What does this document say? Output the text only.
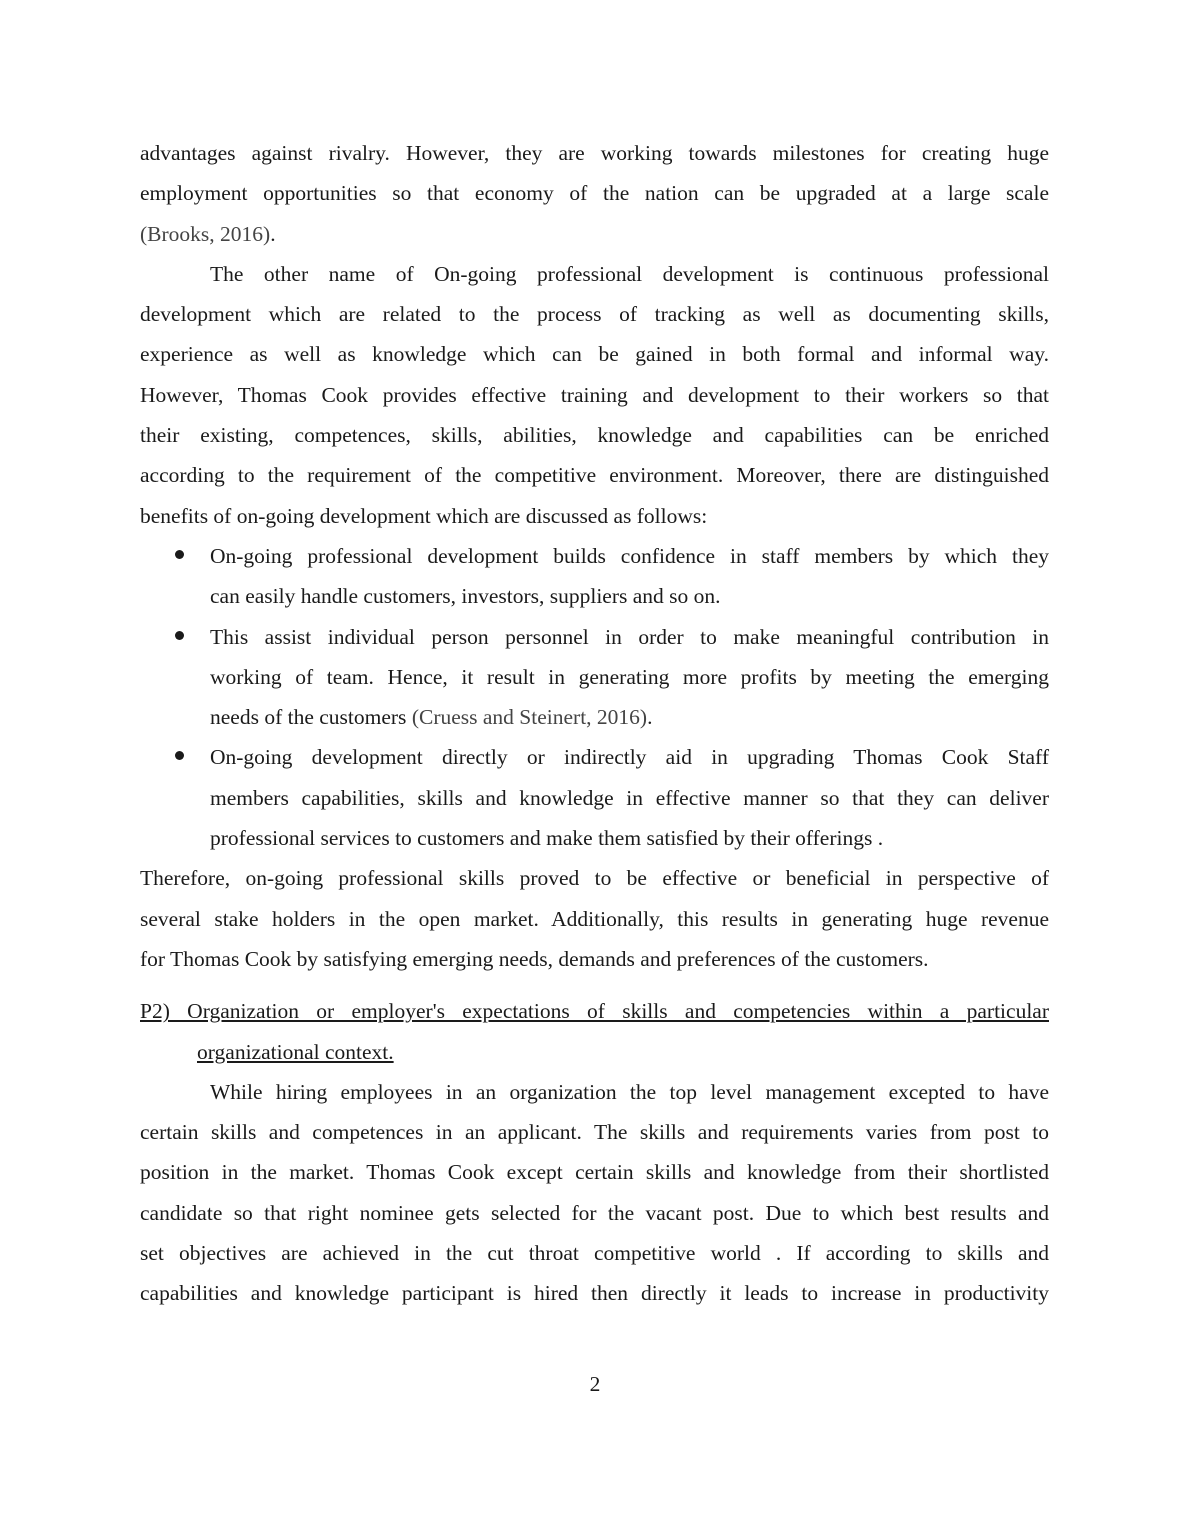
advantages against rivalry. However, they are working towards milestones for creating huge
employment opportunities so that economy of the nation can be upgraded at a large scale
(Brooks, 2016).

The other name of On-going professional development is continuous professional
development which are related to the process of tracking as well as documenting skills,
experience as well as knowledge which can be gained in both formal and informal way.
However, Thomas Cook provides effective training and development to their workers so that
their existing, competences, skills, abilities, knowledge and capabilities can be enriched
according to the requirement of the competitive environment. Moreover, there are distinguished
benefits of on-going development which are discussed as follows:

On-going professional development builds confidence in staff members by which they
can easily handle customers, investors, suppliers and so on.
This assist individual person personnel in order to make meaningful contribution in
working of team. Hence, it result in generating more profits by meeting the emerging
needs of the customers (Cruess and Steinert, 2016).
On-going development directly or indirectly aid in upgrading Thomas Cook Staff
members capabilities, skills and knowledge in effective manner so that they can deliver
professional services to customers and make them satisfied by their offerings .

Therefore, on-going professional skills proved to be effective or beneficial in perspective of
several stake holders in the open market. Additionally, this results in generating huge revenue
for Thomas Cook by satisfying emerging needs, demands and preferences of the customers.

P2) Organization or employer's expectations of skills and competencies within a particular
organizational context.

While hiring employees in an organization the top level management excepted to have
certain skills and competences in an applicant. The skills and requirements varies from post to
position in the market. Thomas Cook except certain skills and knowledge from their shortlisted
candidate so that right nominee gets selected for the vacant post. Due to which best results and
set objectives are achieved in the cut throat competitive world . If according to skills and
capabilities and knowledge participant is hired then directly it leads to increase in productivity

2
